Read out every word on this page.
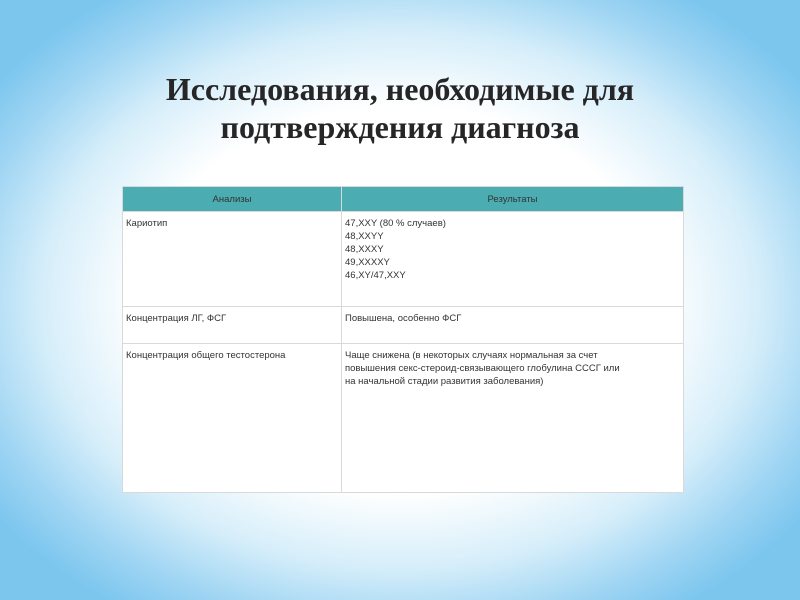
Исследования, необходимые для
подтверждения диагноза
Анализы	Результаты
Кариотип	47,XXY (80 % случаев)
48,XXYY
48,XXXY
49,XXXXY
46,XY/47,XXY

Концентрация ЛГ, ФСГ	Повышена, особенно ФСГ

Концентрация общего тестостерона	Чаще снижена (в некоторых случаях нормальная за счет
повышения секс-стероид-связывающего глобулина СССГ или
на начальной стадии развития заболевания)
